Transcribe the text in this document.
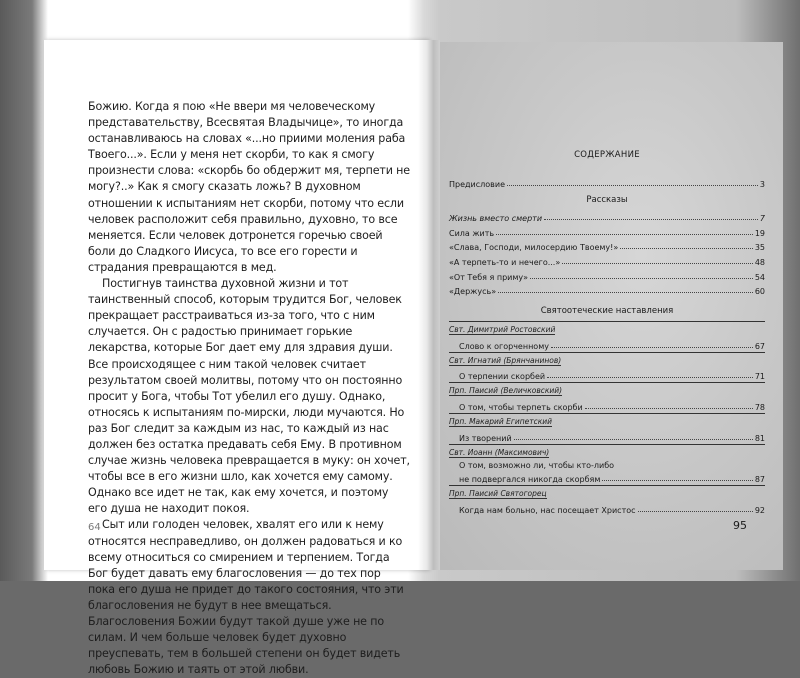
Божию. Когда я пою «Не ввери мя человеческому представательству, Всесвятая Владычице», то иногда останавливаюсь на словах «...но приими моления раба Твоего...». Если у меня нет скорби, то как я смогу произнести слова: «скорбь бо обдержит мя, терпети не могу?..» Как я смогу сказать ложь? В духовном отношении к испытаниям нет скорби, потому что если человек расположит себя правильно, духовно, то все меняется. Если человек дотронется горечью своей боли до Сладкого Иисуса, то все его горести и страдания превращаются в мед.

Постигнув таинства духовной жизни и тот таинственный способ, которым трудится Бог, человек прекращает расстраиваться из-за того, что с ним случается. Он с радостью принимает горькие лекарства, которые Бог дает ему для здравия души. Все происходящее с ним такой человек считает результатом своей молитвы, потому что он постоянно просит у Бога, чтобы Тот убелил его душу. Однако, относясь к испытаниям по-мирски, люди мучаются. Но раз Бог следит за каждым из нас, то каждый из нас должен без остатка предавать себя Ему. В противном случае жизнь человека превращается в муку: он хочет, чтобы все в его жизни шло, как хочется ему самому. Однако все идет не так, как ему хочется, и поэтому его душа не находит покоя.

Сыт или голоден человек, хвалят его или к нему относятся несправедливо, он должен радоваться и ко всему относиться со смирением и терпением. Тогда Бог будет давать ему благословения — до тех пор пока его душа не придет до такого состояния, что эти благословения не будут в нее вмещаться. Благословения Божии будут такой душе уже не по силам. И чем больше человек будет духовно преуспевать, тем в большей степени он будет видеть любовь Божию и таять от этой любви.

64
СОДЕРЖАНИЕ
Предисловие	3
Рассказы
Жизнь вместо смерти	7
Сила жить	19
«Слава, Господи, милосердию Твоему!»	35
«А терпеть-то и нечего...»	48
«От Тебя я приму»	54
«Держусь»	60
Святоотеческие наставления
Свт. Димитрий Ростовский
Слово к огорченному	67
Свт. Игнатий (Брянчанинов)
О терпении скорбей	71
Прп. Паисий (Величковский)
О том, чтобы терпеть скорби	78
Прп. Макарий Египетский
Из творений	81
Свт. Иоанн (Максимович)
О том, возможно ли, чтобы кто-либо
не подвергался никогда скорбям	87
Прп. Паисий Святогорец
Когда нам больно, нас посещает Христос	92
95
